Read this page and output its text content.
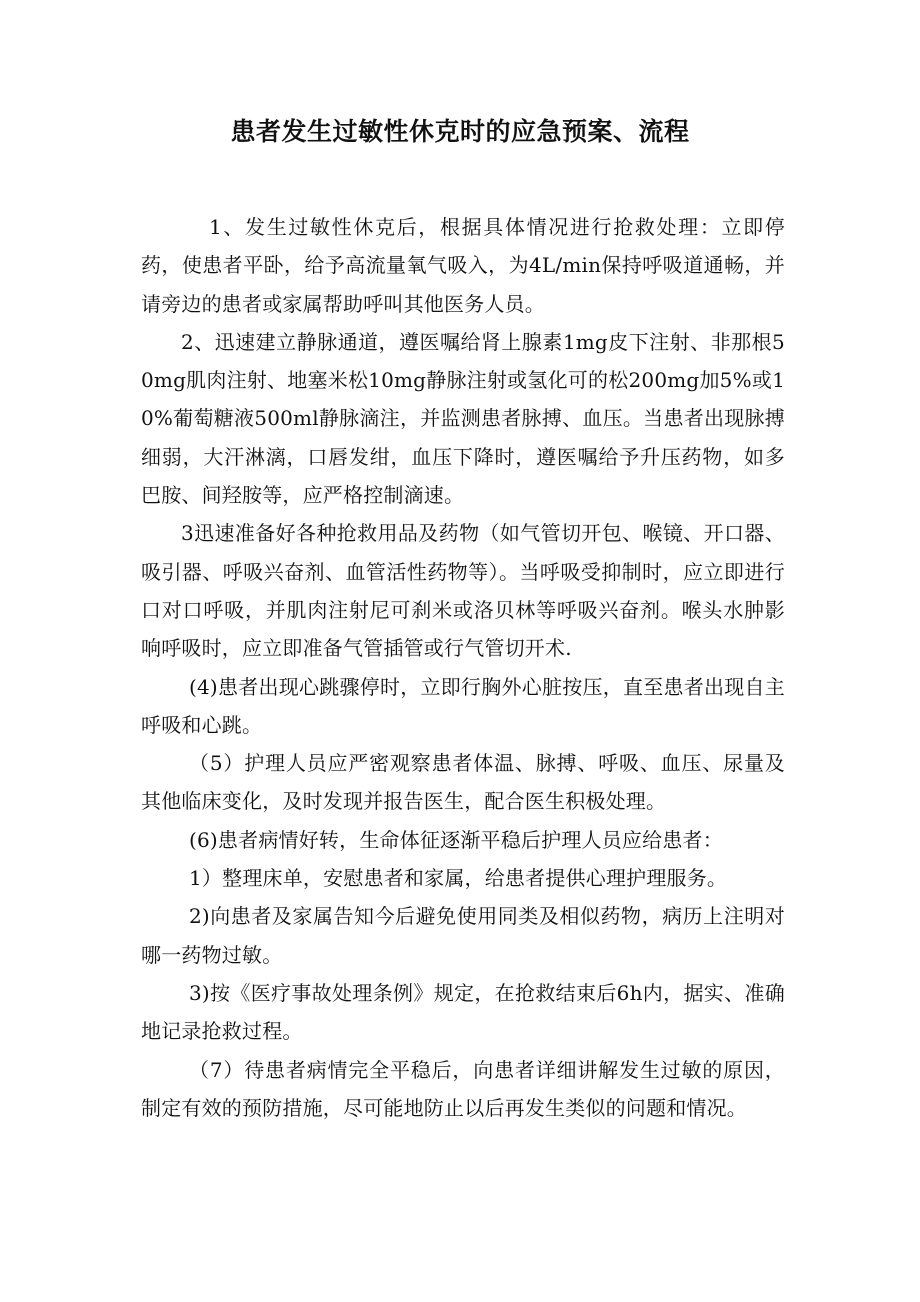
患者发生过敏性休克时的应急预案、流程

1、发生过敏性休克后，根据具体情况进行抢救处理：立即停药，使患者平卧，给予高流量氧气吸入，为4L/min保持呼吸道通畅，并请旁边的患者或家属帮助呼叫其他医务人员。

2、迅速建立静脉通道，遵医嘱给肾上腺素1mg皮下注射、非那根50mg肌肉注射、地塞米松10mg静脉注射或氢化可的松200mg加5%或10%葡萄糖液500ml静脉滴注，并监测患者脉搏、血压。当患者出现脉搏细弱，大汗淋漓，口唇发绀，血压下降时，遵医嘱给予升压药物，如多巴胺、间羟胺等，应严格控制滴速。

3迅速准备好各种抢救用品及药物（如气管切开包、喉镜、开口器、吸引器、呼吸兴奋剂、血管活性药物等）。当呼吸受抑制时，应立即进行口对口呼吸，并肌肉注射尼可刹米或洛贝林等呼吸兴奋剂。喉头水肿影响呼吸时，应立即准备气管插管或行气管切开术.

(4)患者出现心跳骤停时，立即行胸外心脏按压，直至患者出现自主呼吸和心跳。

（5）护理人员应严密观察患者体温、脉搏、呼吸、血压、尿量及其他临床变化，及时发现并报告医生，配合医生积极处理。

(6)患者病情好转，生命体征逐渐平稳后护理人员应给患者：

1）整理床单，安慰患者和家属，给患者提供心理护理服务。

2)向患者及家属告知今后避免使用同类及相似药物，病历上注明对哪一药物过敏。

3)按《医疗事故处理条例》规定，在抢救结束后6h内，据实、准确地记录抢救过程。

（7）待患者病情完全平稳后，向患者详细讲解发生过敏的原因，制定有效的预防措施，尽可能地防止以后再发生类似的问题和情况。
